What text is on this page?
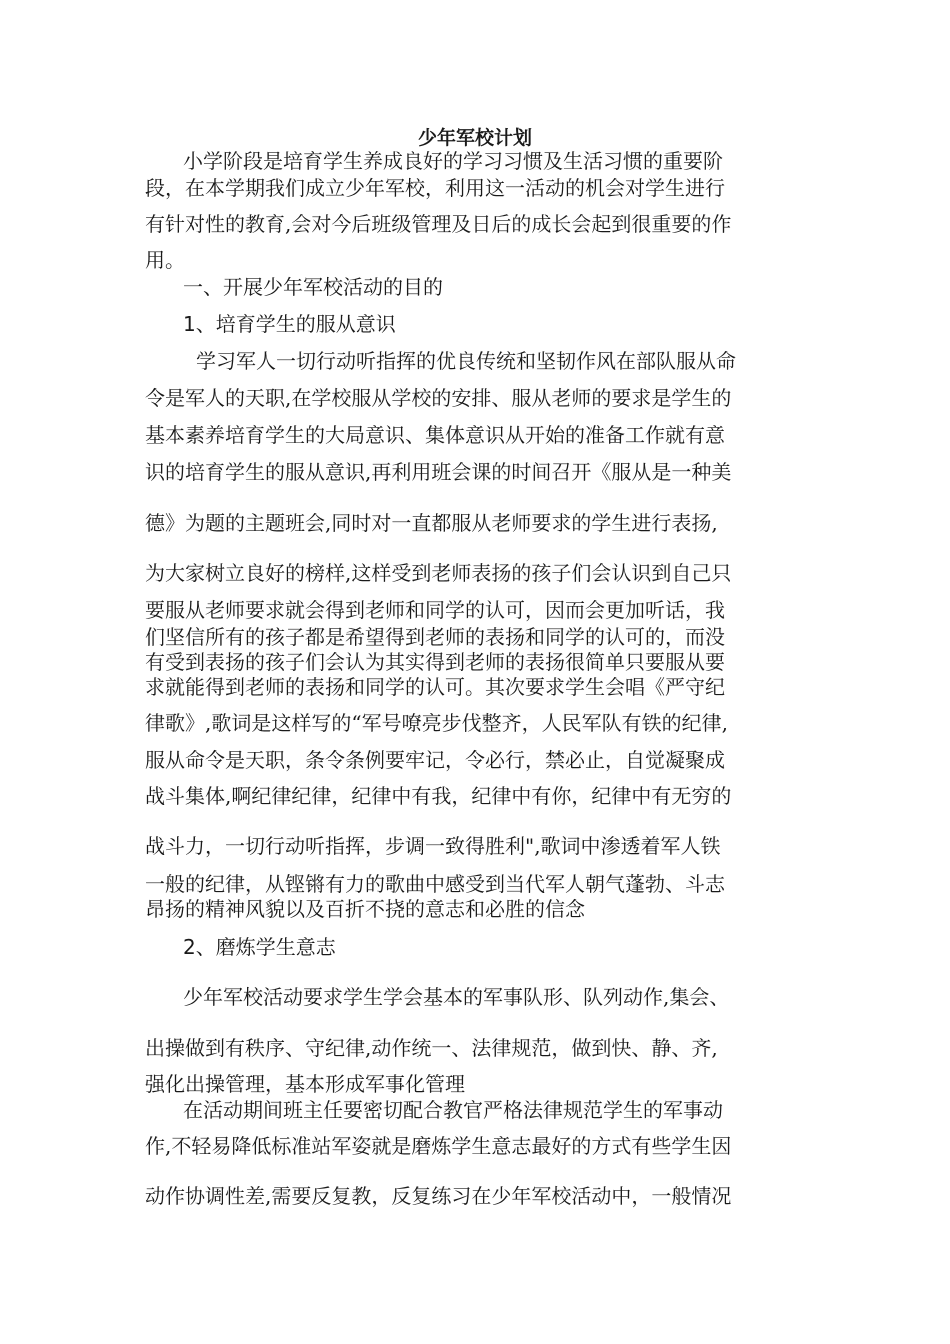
少年军校计划

小学阶段是培育学生养成良好的学习习惯及生活习惯的重要阶

段，在本学期我们成立少年军校，利用这一活动的机会对学生进行

有针对性的教育,会对今后班级管理及日后的成长会起到很重要的作

用。

一、开展少年军校活动的目的

1、培育学生的服从意识

学习军人一切行动听指挥的优良传统和坚韧作风在部队服从命

令是军人的天职,在学校服从学校的安排、服从老师的要求是学生的

基本素养培育学生的大局意识、集体意识从开始的准备工作就有意

识的培育学生的服从意识,再利用班会课的时间召开《服从是一种美

德》为题的主题班会,同时对一直都服从老师要求的学生进行表扬,

为大家树立良好的榜样,这样受到老师表扬的孩子们会认识到自己只

要服从老师要求就会得到老师和同学的认可，因而会更加听话，我

们坚信所有的孩子都是希望得到老师的表扬和同学的认可的，而没

有受到表扬的孩子们会认为其实得到老师的表扬很简单只要服从要

求就能得到老师的表扬和同学的认可。其次要求学生会唱《严守纪

律歌》,歌词是这样写的“军号嘹亮步伐整齐，人民军队有铁的纪律,

服从命令是天职，条令条例要牢记，令必行，禁必止，自觉凝聚成

战斗集体,啊纪律纪律，纪律中有我，纪律中有你，纪律中有无穷的

战斗力，一切行动听指挥，步调一致得胜利",歌词中渗透着军人铁

一般的纪律，从铿锵有力的歌曲中感受到当代军人朝气蓬勃、斗志

昂扬的精神风貌以及百折不挠的意志和必胜的信念

2、磨炼学生意志

少年军校活动要求学生学会基本的军事队形、队列动作,集会、

出操做到有秩序、守纪律,动作统一、法律规范，做到快、静、齐,

强化出操管理，基本形成军事化管理

在活动期间班主任要密切配合教官严格法律规范学生的军事动

作,不轻易降低标准站军姿就是磨炼学生意志最好的方式有些学生因

动作协调性差,需要反复教，反复练习在少年军校活动中，一般情况
